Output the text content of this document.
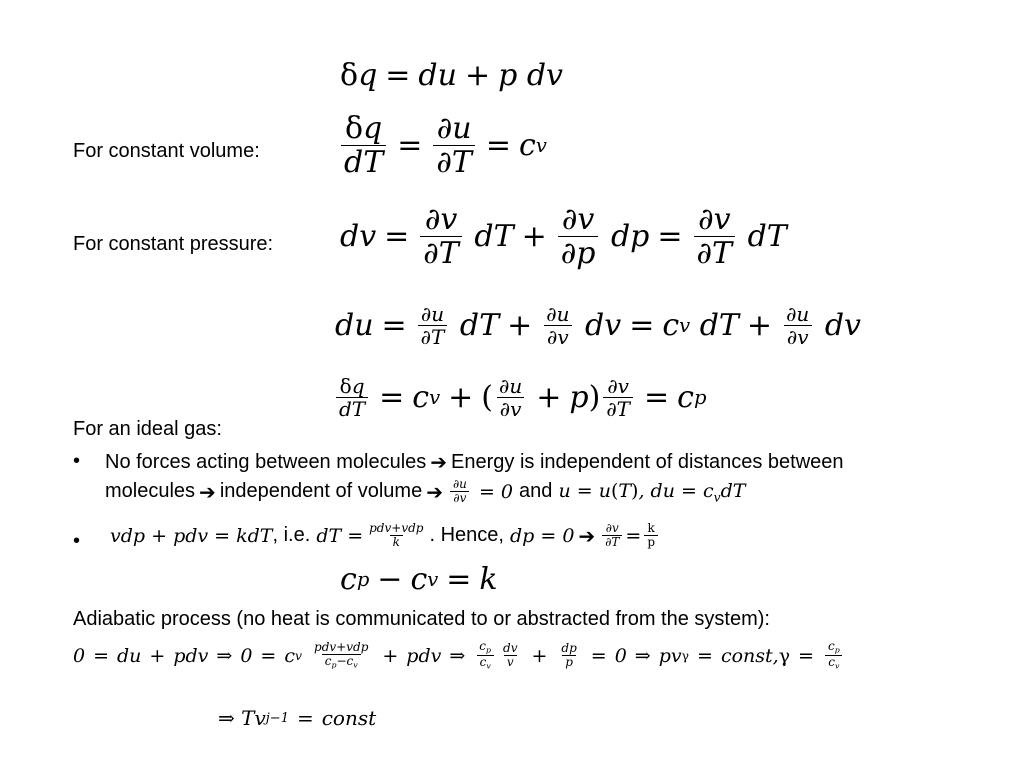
δ q = du + p dv
For constant volume:	$\frac{\delta q}{dT} = \frac{\partial u}{\partial T} = c$ v
For constant pressure: dv = $\frac{\partial v}{\partial T}$ dT + $\frac{\partial v}{\partial p}$ dp = $\frac{\partial v}{\partial T}$ dT
du = $\frac{\partial u}{\partial T}$ dT + $\frac{\partial u}{\partial v}$ dv = c v dT + $\frac{\partial u}{\partial v}$ dv
$\frac{\delta q}{dT} = c$ v + ( $\frac{\partial u}{\partial v} + p$ ) $\frac{\partial v}{\partial T} = c$ p
For an ideal gas:
• No forces acting between molecules ➔ Energy is independent of distances between
molecules ➔ independent of volume ➔ $\frac{\partial u}{\partial v} = 0$ and u = u(T), du = $c_vdT$
• vdp + pdv = kdT , i.e. dT = $\frac{\text{pdv+vdp}}{k}$ . Hence, dp = 0 ➔ $\frac{\partial v}{\partial T} = \frac{k}{p}$
c p − c v = k
Adiabatic process (no heat is communicated to or abstracted from the system):
0 = du + pdv ⇒ 0 = c v
$\frac{\text{pdv+vdp}}{c_p-c_v}$ + pdv ⇒ $\frac{c_p}{c_v} \frac{dv}{v} + \frac{dp}{p} = 0$ ⇒ pv γ = const, $\gamma = \frac{c_p}{c_v}$
⇒ Tv j−1 = const
